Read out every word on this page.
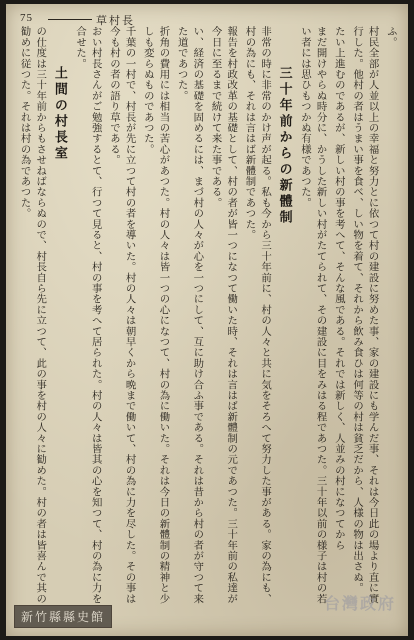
75	草村長
ふ。
村民全部が人並以上の幸福と努力とに依つて村の建設に努めた事、家の建設にも学んだ事、それは今日此の場より直に實行した。他村の者はうまい事を食べ、しい物を着て、それから飲み食ひは何等の村は貧乏だから、人様の物は出さぬ。
たい上進むのであるが、新しい村の事を考へて、そんな風である。それでは新しく、人並みの村になつてから
まだ開けやらぬ時分に、かうした新しい村がたてられて、その建設に目をみはる程であつた。三十年以前の様子は村の若い者には思ひもつかぬ有様であつた。
三十年前からの新體制
非常の時に非常のかけ声が起る。私も今から三十年前に、村の人々と共に気をそろへて努力した事がある。家の為にも、村の為にも、それは言はば新體制であつた。
報告を村政改革の基礎として、村の者が皆一つになつて働いた時、それは言はば新體制の元であつた。三十年前の私達が今日に至るまで続けて来た事である。
い、経済の基礎を固めるには、まづ村の人々が心を一つにして、互に助け合ふ事である。それは昔から村の者が守つて来た道であつた。
折角の費用には相当の苦心があつた。村の人々は皆一つの心になつて、村の為に働いた。それは今日の新體制の精神と少しも変らぬものであつた。
千葉の一村で、村長が先に立つて村の者を導いた。村の人々は朝早くから晩まで働いて、村の為に力を尽した。その事は今も村の者の語り草である。
おい村長さんがご勉強するとて、行つて見ると、村の事を考へて居られた。村の人々は皆其の心を知つて、村の為に力を合せた。
土間の村長室
の仕度は三十年前からもさせねばならぬので、村長自ら先に立つて、此の事を村の人々に勧めた。村の者は皆喜んで其の勧めに従つた。それは村の為であつた。
台灣政府
新竹縣縣史館
